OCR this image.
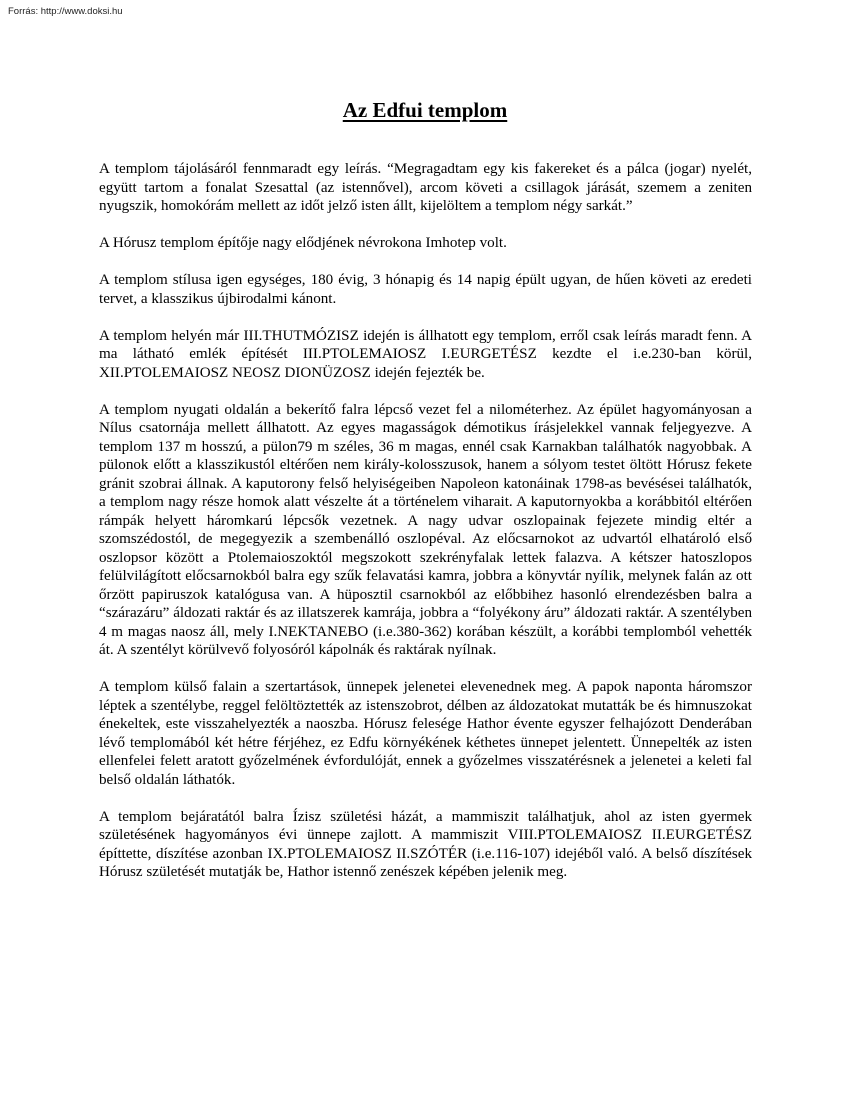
Forrás: http://www.doksi.hu
Az Edfui templom

A templom tájolásáról fennmaradt egy leírás. “Megragadtam egy kis fakereket és a pálca (jogar) nyelét, együtt tartom a fonalat Szesattal (az istennővel), arcom követi a csillagok járását, szemem a zeniten nyugszik, homokórám mellett az időt jelző isten állt, kijelöltem a templom négy sarkát.”

A Hórusz templom építője nagy elődjének névrokona Imhotep volt.

A templom stílusa igen egységes, 180 évig, 3 hónapig és 14 napig épült ugyan, de hűen követi az eredeti tervet, a klasszikus újbirodalmi kánont.

A templom helyén már III.THUTMÓZISZ idején is állhatott egy templom, erről csak leírás maradt fenn. A ma látható emlék építését III.PTOLEMAIOSZ I.EURGETÉSZ kezdte el i.e.230-ban körül, XII.PTOLEMAIOSZ NEOSZ DIONÜZOSZ idején fejezték be.

A templom nyugati oldalán a bekerítő falra lépcső vezet fel a nilométerhez. Az épület hagyományosan a Nílus csatornája mellett állhatott. Az egyes magasságok démotikus írásjelekkel vannak feljegyezve. A templom 137 m hosszú, a pülon79 m széles, 36 m magas, ennél csak Karnakban találhatók nagyobbak. A pülonok előtt a klasszikustól eltérően nem király-kolosszusok, hanem a sólyom testet öltött Hórusz fekete gránit szobrai állnak. A kaputorony felső helyiségeiben Napoleon katonáinak 1798-as bevésései találhatók, a templom nagy része homok alatt vészelte át a történelem viharait. A kaputornyokba a korábbitól eltérően rámpák helyett háromkarú lépcsők vezetnek. A nagy udvar oszlopainak fejezete mindig eltér a szomszédostól, de megegyezik a szembenálló oszlopéval. Az előcsarnokot az udvartól elhatároló első oszlopsor között a Ptolemaioszoktól megszokott szekrényfalak lettek falazva. A kétszer hatoszlopos felülvilágított előcsarnokból balra egy szűk felavatási kamra, jobbra a könyvtár nyílik, melynek falán az ott őrzött papiruszok katalógusa van. A hüposztil csarnokból az előbbihez hasonló elrendezésben balra a “szárazáru” áldozati raktár és az illatszerek kamrája, jobbra a “folyékony áru” áldozati raktár. A szentélyben 4 m magas naosz áll, mely I.NEKTANEBO (i.e.380-362) korában készült, a korábbi templomból vehették át. A szentélyt körülvevő folyosóról kápolnák és raktárak nyílnak.

A templom külső falain a szertartások, ünnepek jelenetei elevenednek meg. A papok naponta háromszor léptek a szentélybe, reggel felöltöztették az istenszobrot, délben az áldozatokat mutatták be és himnuszokat énekeltek, este visszahelyezték a naoszba. Hórusz felesége Hathor évente egyszer felhajózott Denderában lévő templomából két hétre férjéhez, ez Edfu környékének kéthetes ünnepet jelentett. Ünnepelték az isten ellenfelei felett aratott győzelmének évfordulóját, ennek a győzelmes visszatérésnek a jelenetei a keleti fal belső oldalán láthatók.

A templom bejáratától balra Ízisz születési házát, a mammiszit találhatjuk, ahol az isten gyermek születésének hagyományos évi ünnepe zajlott. A mammiszit VIII.PTOLEMAIOSZ II.EURGETÉSZ építtette, díszítése azonban IX.PTOLEMAIOSZ II.SZÓTÉR (i.e.116-107) idejéből való. A belső díszítések Hórusz születését mutatják be, Hathor istennő zenészek képében jelenik meg.
